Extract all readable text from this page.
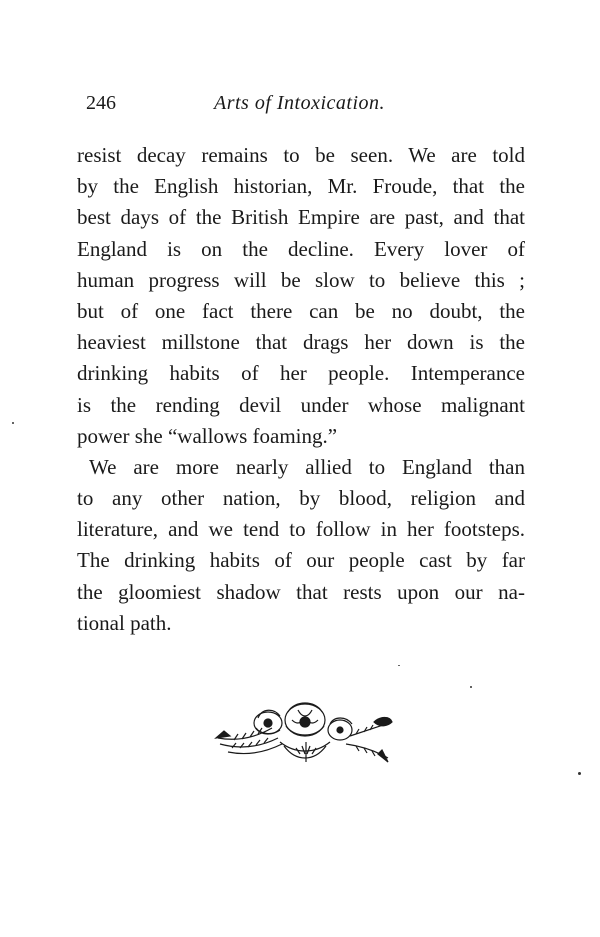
246	Arts of Intoxication.
resist decay remains to be seen. We are told
by the English historian, Mr. Froude, that the
best days of the British Empire are past, and that
England is on the decline. Every lover of
human progress will be slow to believe this ;
but of one fact there can be no doubt, the
heaviest millstone that drags her down is the
drinking habits of her people. Intemperance
is the rending devil under whose malignant
power she “wallows foaming.”
We are more nearly allied to England than
to any other nation, by blood, religion and
literature, and we tend to follow in her footsteps.
The drinking habits of our people cast by far
the gloomiest shadow that rests upon our na-
tional path.
